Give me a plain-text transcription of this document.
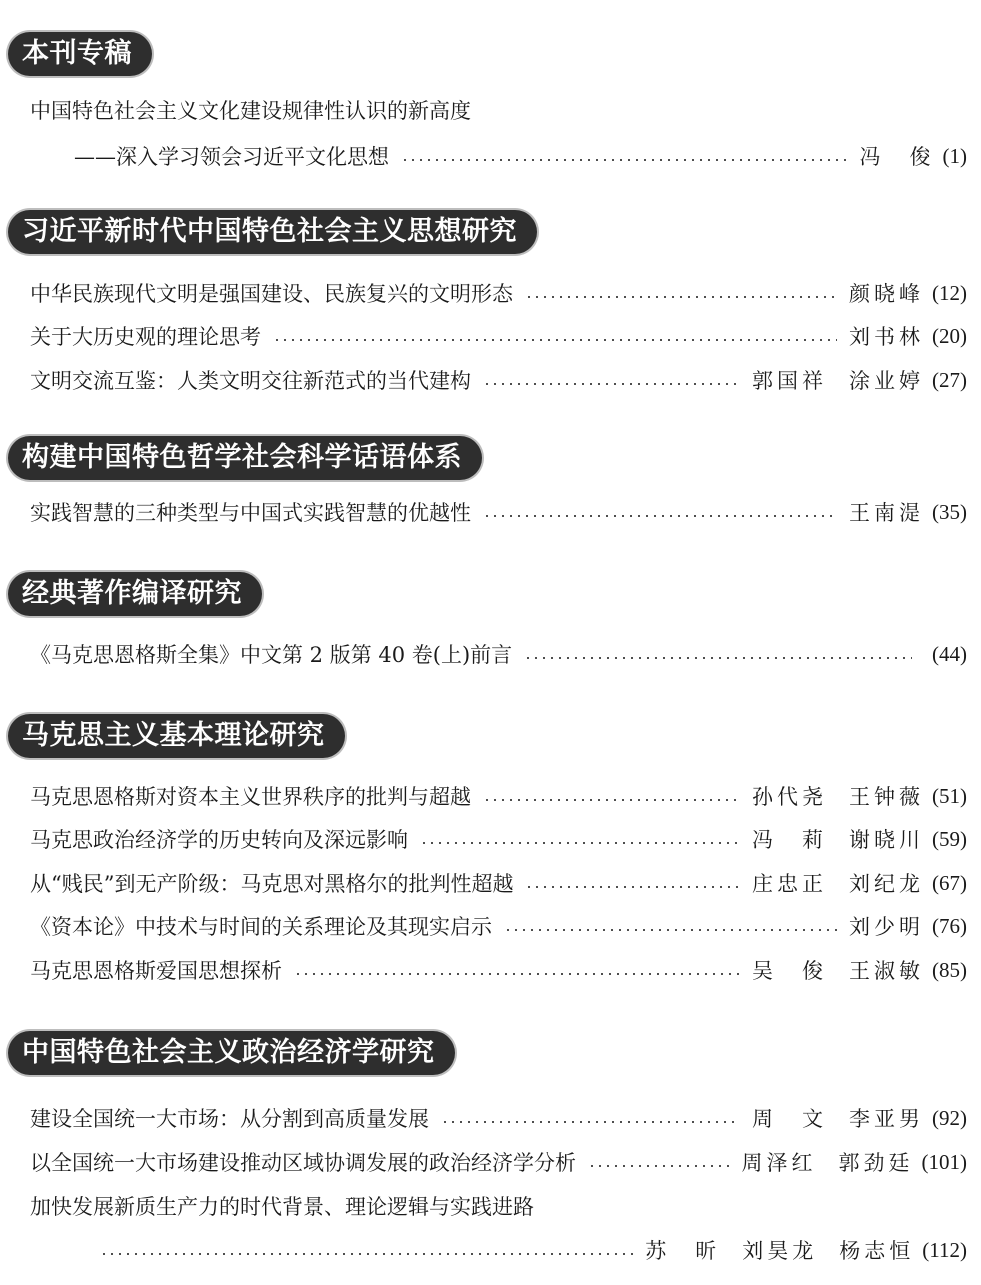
本刊专稿
中国特色社会主义文化建设规律性认识的新高度
——深入学习领会习近平文化思想	冯　俊 (1)
习近平新时代中国特色社会主义思想研究
中华民族现代文明是强国建设、民族复兴的文明形态	颜晓峰 (12)
关于大历史观的理论思考	刘书林 (20)
文明交流互鉴：人类文明交往新范式的当代建构	郭国祥 涂业婷 (27)
构建中国特色哲学社会科学话语体系
实践智慧的三种类型与中国式实践智慧的优越性	王南湜 (35)
经典著作编译研究
《马克思恩格斯全集》中文第 2 版第 40 卷(上)前言	(44)
马克思主义基本理论研究
马克思恩格斯对资本主义世界秩序的批判与超越	孙代尧 王钟薇 (51)
马克思政治经济学的历史转向及深远影响	冯　莉 谢晓川 (59)
从“贱民”到无产阶级：马克思对黑格尔的批判性超越	庄忠正 刘纪龙 (67)
《资本论》中技术与时间的关系理论及其现实启示	刘少明 (76)
马克思恩格斯爱国思想探析	吴　俊 王淑敏 (85)
中国特色社会主义政治经济学研究
建设全国统一大市场：从分割到高质量发展	周　文 李亚男 (92)
以全国统一大市场建设推动区域协调发展的政治经济学分析	周泽红 郭劲廷 (101)
加快发展新质生产力的时代背景、理论逻辑与实践进路
苏　昕 刘昊龙 杨志恒 (112)
